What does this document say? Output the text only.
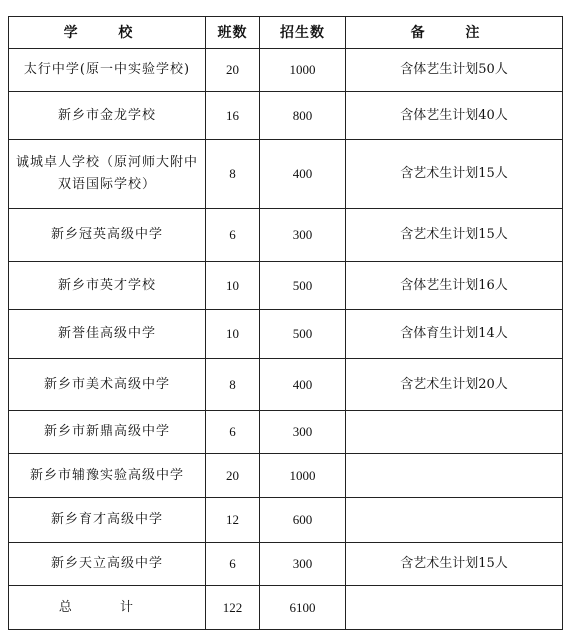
学 校	班数	招生数	备 注
太行中学(原一中实验学校)	20	1000	含体艺生计划50人
新乡市金龙学校	16	800	含体艺生计划40人
诚城卓人学校（原河师大附中双语国际学校）	8	400	含艺术生计划15人
新乡冠英高级中学	6	300	含艺术生计划15人
新乡市英才学校	10	500	含体艺生计划16人
新誉佳高级中学	10	500	含体育生计划14人
新乡市美术高级中学	8	400	含艺术生计划20人
新乡市新鼎高级中学	6	300	
新乡市辅豫实验高级中学	20	1000	
新乡育才高级中学	12	600	
新乡天立高级中学	6	300	含艺术生计划15人
总 计	122	6100	
